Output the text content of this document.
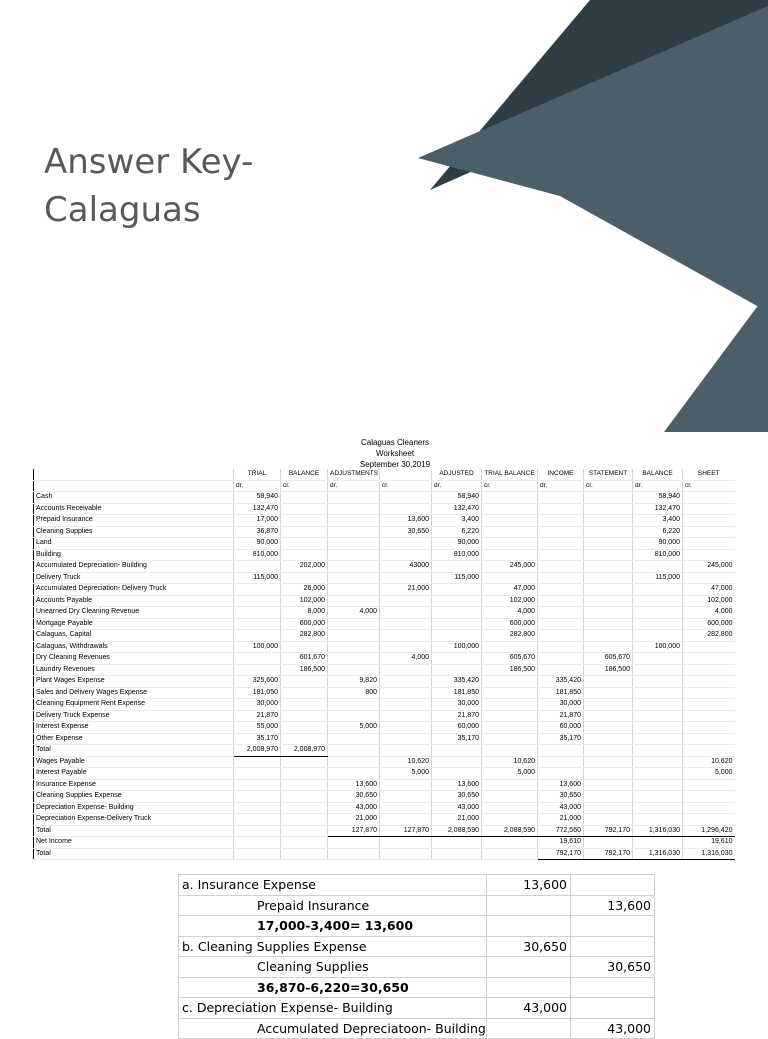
Answer Key-
Calaguas
Calaguas Cleaners
Worksheet
September 30,2019
	TRIAL	BALANCE	ADJUSTMENTS		ADJUSTED	TRIAL BALANCE	INCOME	STATEMENT	BALANCE	SHEET
	dr.	cr.	dr.	cr.	dr.	cr.	dr.	cr.	dr.	cr.
Cash	58,940				58,940				58,940	
Accounts Receivable	132,470				132,470				132,470	
Prepaid Insurance	17,000			13,600	3,400				3,400	
Cleaning Supplies	36,870			30,650	6,220				6,220	
Land	90,000				90,000				90,000	
Building	810,000				810,000				810,000	
Accumulated Depreciation- Building		202,000		43000		245,000				245,000
Delivery Truck	115,000				115,000				115,000	
Accumulated Depreciation- Delivery Truck		26,000		21,000		47,000				47,000
Accounts Payable		102,000				102,000				102,000
Unearned Dry Cleaning Revenue		8,000	4,000			4,000				4,000
Mortgage Payable		600,000				600,000				600,000
Calaguas, Capital		282,800				282,800				282,800
Calaguas, Withdrawals	100,000				100,000				100,000	
Dry Cleaning Revenues		601,670		4,000		605,670		605,670		
Laundry Revenues		186,500				186,500		186,500		
Plant Wages Expense	325,600		9,820		335,420		335,420			
Sales and Delivery Wages Expense	181,050		800		181,850		181,850			
Cleaning Equipment Rent Expense	30,000				30,000		30,000			
Delivery Truck Expense	21,870				21,870		21,870			
Interest Expense	55,000		5,000		60,000		60,000			
Other Expense	35,170				35,170		35,170			
Total	2,008,970	2,008,970								
Wages Payable				10,620		10,620				10,620
Interest Payable				5,000		5,000				5,000
Insurance Expense			13,600		13,600		13,600			
Cleaning Supplies Expense			30,650		30,650		30,650			
Depreciation Expense- Building			43,000		43,000		43,000			
Depreciation Expense-Delivery Truck			21,000		21,000		21,000			
Total			127,870	127,870	2,088,590	2,088,590	772,560	792,170	1,316,030	1,296,420
Net Income							19,610			19,610
Total							792,170	792,170	1,316,030	1,316,030
a. Insurance Expense	13,600	
Prepaid Insurance		13,600
17,000-3,400= 13,600		
b. Cleaning Supplies Expense	30,650	
Cleaning Supplies		30,650
36,870-6,220=30,650		
c. Depreciation Expense- Building	43,000	
Accumulated Depreciatoon- Building		43,000
